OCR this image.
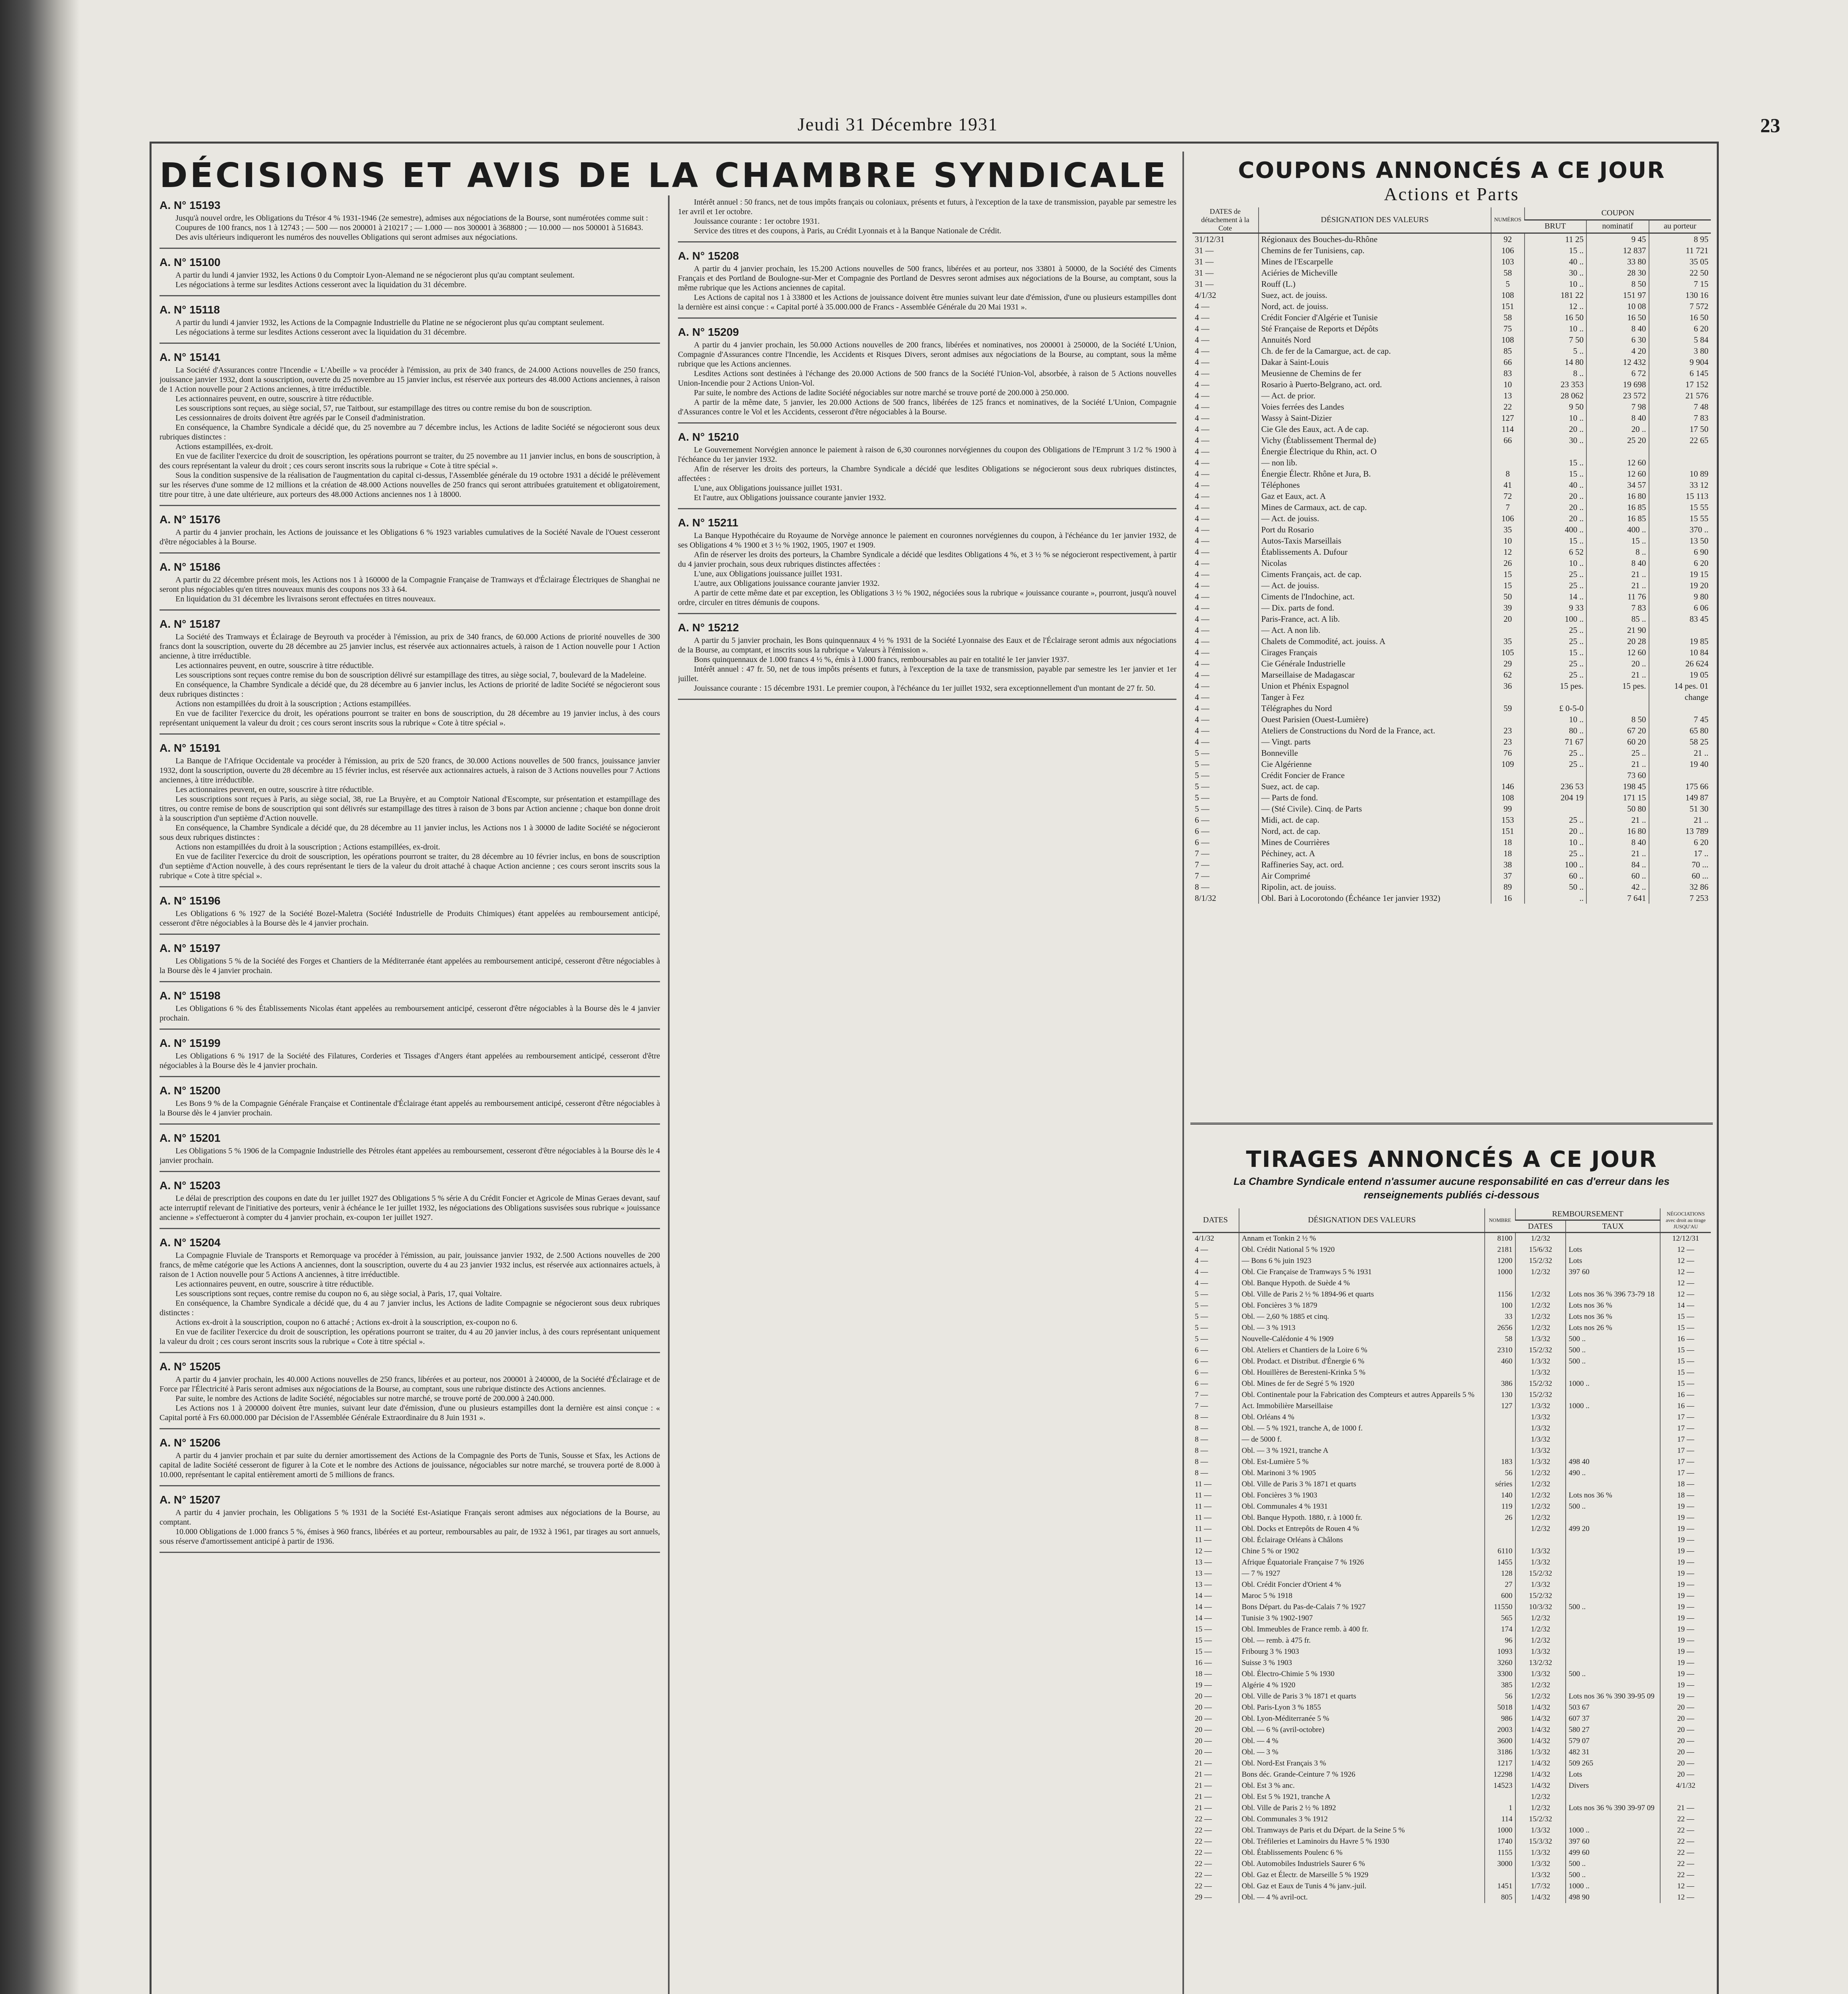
Jeudi 31 Décembre 1931	23
DÉCISIONS ET AVIS DE LA CHAMBRE SYNDICALE
A. N° 15193

Jusqu'à nouvel ordre, les Obligations du Trésor 4 % 1931-1946 (2e semestre), admises aux négociations de la Bourse, sont numérotées comme suit :

Coupures de 100 francs, nos 1 à 12743 ; — 500 — nos 200001 à 210217 ; — 1.000 — nos 300001 à 368800 ; — 10.000 — nos 500001 à 516843.

Des avis ultérieurs indiqueront les numéros des nouvelles Obligations qui seront admises aux négociations.

A. N° 15100

A partir du lundi 4 janvier 1932, les Actions 0 du Comptoir Lyon-Alemand ne se négocieront plus qu'au comptant seulement.

Les négociations à terme sur lesdites Actions cesseront avec la liquidation du 31 décembre.

A. N° 15118

A partir du lundi 4 janvier 1932, les Actions de la Compagnie Industrielle du Platine ne se négocieront plus qu'au comptant seulement.

Les négociations à terme sur lesdites Actions cesseront avec la liquidation du 31 décembre.

A. N° 15141

La Société d'Assurances contre l'Incendie « L'Abeille » va procéder à l'émission, au prix de 340 francs, de 24.000 Actions nouvelles de 250 francs, jouissance janvier 1932, dont la souscription, ouverte du 25 novembre au 15 janvier inclus, est réservée aux porteurs des 48.000 Actions anciennes, à raison de 1 Action nouvelle pour 2 Actions anciennes, à titre irréductible.

Les actionnaires peuvent, en outre, souscrire à titre réductible.

Les souscriptions sont reçues, au siège social, 57, rue Taitbout, sur estampillage des titres ou contre remise du bon de souscription.

Les cessionnaires de droits doivent être agréés par le Conseil d'administration.

En conséquence, la Chambre Syndicale a décidé que, du 25 novembre au 7 décembre inclus, les Actions de ladite Société se négocieront sous deux rubriques distinctes :

Actions estampillées, ex-droit.

En vue de faciliter l'exercice du droit de souscription, les opérations pourront se traiter, du 25 novembre au 11 janvier inclus, en bons de souscription, à des cours représentant la valeur du droit ; ces cours seront inscrits sous la rubrique « Cote à titre spécial ».

Sous la condition suspensive de la réalisation de l'augmentation du capital ci-dessus, l'Assemblée générale du 19 octobre 1931 a décidé le prélèvement sur les réserves d'une somme de 12 millions et la création de 48.000 Actions nouvelles de 250 francs qui seront attribuées gratuitement et obligatoirement, titre pour titre, à une date ultérieure, aux porteurs des 48.000 Actions anciennes nos 1 à 18000.

A. N° 15176

A partir du 4 janvier prochain, les Actions de jouissance et les Obligations 6 % 1923 variables cumulatives de la Société Navale de l'Ouest cesseront d'être négociables à la Bourse.

A. N° 15186

A partir du 22 décembre présent mois, les Actions nos 1 à 160000 de la Compagnie Française de Tramways et d'Éclairage Électriques de Shanghai ne seront plus négociables qu'en titres nouveaux munis des coupons nos 33 à 64.

En liquidation du 31 décembre les livraisons seront effectuées en titres nouveaux.

A. N° 15187

La Société des Tramways et Éclairage de Beyrouth va procéder à l'émission, au prix de 340 francs, de 60.000 Actions de priorité nouvelles de 300 francs dont la souscription, ouverte du 28 décembre au 25 janvier inclus, est réservée aux actionnaires actuels, à raison de 1 Action nouvelle pour 1 Action ancienne, à titre irréductible.

Les actionnaires peuvent, en outre, souscrire à titre réductible.

Les souscriptions sont reçues contre remise du bon de souscription délivré sur estampillage des titres, au siège social, 7, boulevard de la Madeleine.

En conséquence, la Chambre Syndicale a décidé que, du 28 décembre au 6 janvier inclus, les Actions de priorité de ladite Société se négocieront sous deux rubriques distinctes :

Actions non estampillées du droit à la souscription ; Actions estampillées.

En vue de faciliter l'exercice du droit, les opérations pourront se traiter en bons de souscription, du 28 décembre au 19 janvier inclus, à des cours représentant uniquement la valeur du droit ; ces cours seront inscrits sous la rubrique « Cote à titre spécial ».

A. N° 15191

La Banque de l'Afrique Occidentale va procéder à l'émission, au prix de 520 francs, de 30.000 Actions nouvelles de 500 francs, jouissance janvier 1932, dont la souscription, ouverte du 28 décembre au 15 février inclus, est réservée aux actionnaires actuels, à raison de 3 Actions nouvelles pour 7 Actions anciennes, à titre irréductible.

Les actionnaires peuvent, en outre, souscrire à titre réductible.

Les souscriptions sont reçues à Paris, au siège social, 38, rue La Bruyère, et au Comptoir National d'Escompte, sur présentation et estampillage des titres, ou contre remise de bons de souscription qui sont délivrés sur estampillage des titres à raison de 3 bons par Action ancienne ; chaque bon donne droit à la souscription d'un septième d'Action nouvelle.

En conséquence, la Chambre Syndicale a décidé que, du 28 décembre au 11 janvier inclus, les Actions nos 1 à 30000 de ladite Société se négocieront sous deux rubriques distinctes :

Actions non estampillées du droit à la souscription ; Actions estampillées, ex-droit.

En vue de faciliter l'exercice du droit de souscription, les opérations pourront se traiter, du 28 décembre au 10 février inclus, en bons de souscription d'un septième d'Action nouvelle, à des cours représentant le tiers de la valeur du droit attaché à chaque Action ancienne ; ces cours seront inscrits sous la rubrique « Cote à titre spécial ».

A. N° 15196

Les Obligations 6 % 1927 de la Société Bozel-Maletra (Société Industrielle de Produits Chimiques) étant appelées au remboursement anticipé, cesseront d'être négociables à la Bourse dès le 4 janvier prochain.

A. N° 15197

Les Obligations 5 % de la Société des Forges et Chantiers de la Méditerranée étant appelées au remboursement anticipé, cesseront d'être négociables à la Bourse dès le 4 janvier prochain.

A. N° 15198

Les Obligations 6 % des Établissements Nicolas étant appelées au remboursement anticipé, cesseront d'être négociables à la Bourse dès le 4 janvier prochain.

A. N° 15199

Les Obligations 6 % 1917 de la Société des Filatures, Corderies et Tissages d'Angers étant appelées au remboursement anticipé, cesseront d'être négociables à la Bourse dès le 4 janvier prochain.

A. N° 15200

Les Bons 9 % de la Compagnie Générale Française et Continentale d'Éclairage étant appelés au remboursement anticipé, cesseront d'être négociables à la Bourse dès le 4 janvier prochain.

A. N° 15201

Les Obligations 5 % 1906 de la Compagnie Industrielle des Pétroles étant appelées au remboursement, cesseront d'être négociables à la Bourse dès le 4 janvier prochain.

A. N° 15203

Le délai de prescription des coupons en date du 1er juillet 1927 des Obligations 5 % série A du Crédit Foncier et Agricole de Minas Geraes devant, sauf acte interruptif relevant de l'initiative des porteurs, venir à échéance le 1er juillet 1932, les négociations des Obligations susvisées sous rubrique « jouissance ancienne » s'effectueront à compter du 4 janvier prochain, ex-coupon 1er juillet 1927.

A. N° 15204

La Compagnie Fluviale de Transports et Remorquage va procéder à l'émission, au pair, jouissance janvier 1932, de 2.500 Actions nouvelles de 200 francs, de même catégorie que les Actions A anciennes, dont la souscription, ouverte du 4 au 23 janvier 1932 inclus, est réservée aux actionnaires actuels, à raison de 1 Action nouvelle pour 5 Actions A anciennes, à titre irréductible.

Les actionnaires peuvent, en outre, souscrire à titre réductible.

Les souscriptions sont reçues, contre remise du coupon no 6, au siège social, à Paris, 17, quai Voltaire.

En conséquence, la Chambre Syndicale a décidé que, du 4 au 7 janvier inclus, les Actions de ladite Compagnie se négocieront sous deux rubriques distinctes :

Actions ex-droit à la souscription, coupon no 6 attaché ; Actions ex-droit à la souscription, ex-coupon no 6.

En vue de faciliter l'exercice du droit de souscription, les opérations pourront se traiter, du 4 au 20 janvier inclus, à des cours représentant uniquement la valeur du droit ; ces cours seront inscrits sous la rubrique « Cote à titre spécial ».

A. N° 15205

A partir du 4 janvier prochain, les 40.000 Actions nouvelles de 250 francs, libérées et au porteur, nos 200001 à 240000, de la Société d'Éclairage et de Force par l'Électricité à Paris seront admises aux négociations de la Bourse, au comptant, sous une rubrique distincte des Actions anciennes.

Par suite, le nombre des Actions de ladite Société, négociables sur notre marché, se trouve porté de 200.000 à 240.000.

Les Actions nos 1 à 200000 doivent être munies, suivant leur date d'émission, d'une ou plusieurs estampilles dont la dernière est ainsi conçue : « Capital porté à Frs 60.000.000 par Décision de l'Assemblée Générale Extraordinaire du 8 Juin 1931 ».

A. N° 15206

A partir du 4 janvier prochain et par suite du dernier amortissement des Actions de la Compagnie des Ports de Tunis, Sousse et Sfax, les Actions de capital de ladite Société cesseront de figurer à la Cote et le nombre des Actions de jouissance, négociables sur notre marché, se trouvera porté de 8.000 à 10.000, représentant le capital entièrement amorti de 5 millions de francs.

A. N° 15207

A partir du 4 janvier prochain, les Obligations 5 % 1931 de la Société Est-Asiatique Français seront admises aux négociations de la Bourse, au comptant.

10.000 Obligations de 1.000 francs 5 %, émises à 960 francs, libérées et au porteur, remboursables au pair, de 1932 à 1961, par tirages au sort annuels, sous réserve d'amortissement anticipé à partir de 1936.

Intérêt annuel : 50 francs, net de tous impôts français ou coloniaux, présents et futurs, à l'exception de la taxe de transmission, payable par semestre les 1er avril et 1er octobre.

Jouissance courante : 1er octobre 1931.

Service des titres et des coupons, à Paris, au Crédit Lyonnais et à la Banque Nationale de Crédit.

A. N° 15208

A partir du 4 janvier prochain, les 15.200 Actions nouvelles de 500 francs, libérées et au porteur, nos 33801 à 50000, de la Société des Ciments Français et des Portland de Boulogne-sur-Mer et Compagnie des Portland de Desvres seront admises aux négociations de la Bourse, au comptant, sous la même rubrique que les Actions anciennes de capital.

Les Actions de capital nos 1 à 33800 et les Actions de jouissance doivent être munies suivant leur date d'émission, d'une ou plusieurs estampilles dont la dernière est ainsi conçue : « Capital porté à 35.000.000 de Francs - Assemblée Générale du 20 Mai 1931 ».

A. N° 15209

A partir du 4 janvier prochain, les 50.000 Actions nouvelles de 200 francs, libérées et nominatives, nos 200001 à 250000, de la Société L'Union, Compagnie d'Assurances contre l'Incendie, les Accidents et Risques Divers, seront admises aux négociations de la Bourse, au comptant, sous la même rubrique que les Actions anciennes.

Lesdites Actions sont destinées à l'échange des 20.000 Actions de 500 francs de la Société l'Union-Vol, absorbée, à raison de 5 Actions nouvelles Union-Incendie pour 2 Actions Union-Vol.

Par suite, le nombre des Actions de ladite Société négociables sur notre marché se trouve porté de 200.000 à 250.000.

A partir de la même date, 5 janvier, les 20.000 Actions de 500 francs, libérées de 125 francs et nominatives, de la Société L'Union, Compagnie d'Assurances contre le Vol et les Accidents, cesseront d'être négociables à la Bourse.

A. N° 15210

Le Gouvernement Norvégien annonce le paiement à raison de 6,30 couronnes norvégiennes du coupon des Obligations de l'Emprunt 3 1/2 % 1900 à l'échéance du 1er janvier 1932.

Afin de réserver les droits des porteurs, la Chambre Syndicale a décidé que lesdites Obligations se négocieront sous deux rubriques distinctes, affectées :

L'une, aux Obligations jouissance juillet 1931.

Et l'autre, aux Obligations jouissance courante janvier 1932.

A. N° 15211

La Banque Hypothécaire du Royaume de Norvège annonce le paiement en couronnes norvégiennes du coupon, à l'échéance du 1er janvier 1932, de ses Obligations 4 % 1900 et 3 ½ % 1902, 1905, 1907 et 1909.

Afin de réserver les droits des porteurs, la Chambre Syndicale a décidé que lesdites Obligations 4 %, et 3 ½ % se négocieront respectivement, à partir du 4 janvier prochain, sous deux rubriques distinctes affectées :

L'une, aux Obligations jouissance juillet 1931.

L'autre, aux Obligations jouissance courante janvier 1932.

A partir de cette même date et par exception, les Obligations 3 ½ % 1902, négociées sous la rubrique « jouissance courante », pourront, jusqu'à nouvel ordre, circuler en titres démunis de coupons.

A. N° 15212

A partir du 5 janvier prochain, les Bons quinquennaux 4 ½ % 1931 de la Société Lyonnaise des Eaux et de l'Éclairage seront admis aux négociations de la Bourse, au comptant, et inscrits sous la rubrique « Valeurs à l'émission ».

Bons quinquennaux de 1.000 francs 4 ½ %, émis à 1.000 francs, remboursables au pair en totalité le 1er janvier 1937.

Intérêt annuel : 47 fr. 50, net de tous impôts présents et futurs, à l'exception de la taxe de transmission, payable par semestre les 1er janvier et 1er juillet.

Jouissance courante : 15 décembre 1931. Le premier coupon, à l'échéance du 1er juillet 1932, sera exceptionnellement d'un montant de 27 fr. 50.

COUPONS ANNONCÉS A CE JOUR
Actions et Parts
DATES de détachement à la Cote	DÉSIGNATION DES VALEURS	NUMÉROS	COUPON		
			BRUT	nominatif	au porteur
31/12/31	Régionaux des Bouches-du-Rhône	92	11 25	9 45	8 95
31 —	Chemins de fer Tunisiens, cap.	106	15 ..	12 837	11 721
31 —	Mines de l'Escarpelle	103	40 ..	33 80	35 05
31 —	Aciéries de Micheville	58	30 ..	28 30	22 50
31 —	Rouff (L.)	5	10 ..	8 50	7 15
4/1/32	Suez, act. de jouiss.	108	181 22	151 97	130 16
4 —	Nord, act. de jouiss.	151	12 ..	10 08	7 572
4 —	Crédit Foncier d'Algérie et Tunisie	58	16 50	16 50	16 50
4 —	Sté Française de Reports et Dépôts	75	10 ..	8 40	6 20
4 —	Annuités Nord	108	7 50	6 30	5 84
4 —	Ch. de fer de la Camargue, act. de cap.	85	5 ..	4 20	3 80
4 —	Dakar à Saint-Louis	66	14 80	12 432	9 904
4 —	Meusienne de Chemins de fer	83	8 ..	6 72	6 145
4 —	Rosario à Puerto-Belgrano, act. ord.	10	23 353	19 698	17 152
4 —	— Act. de prior.	13	28 062	23 572	21 576
4 —	Voies ferrées des Landes	22	9 50	7 98	7 48
4 —	Wassy à Saint-Dizier	127	10 ..	8 40	7 83
4 —	Cie Gle des Eaux, act. A de cap.	114	20 ..	20 ..	17 50
4 —	Vichy (Établissement Thermal de)	66	30 ..	25 20	22 65
4 —	Énergie Électrique du Rhin, act. O				
4 —	— non lib.		15 ..	12 60	
4 —	Énergie Électr. Rhône et Jura, B.	8	15 ..	12 60	10 89
4 —	Téléphones	41	40 ..	34 57	33 12
4 —	Gaz et Eaux, act. A	72	20 ..	16 80	15 113
4 —	Mines de Carmaux, act. de cap.	7	20 ..	16 85	15 55
4 —	— Act. de jouiss.	106	20 ..	16 85	15 55
4 —	Port du Rosario	35	400 ..	400 ..	370 ..
4 —	Autos-Taxis Marseillais	10	15 ..	15 ..	13 50
4 —	Établissements A. Dufour	12	6 52	8 ..	6 90
4 —	Nicolas	26	10 ..	8 40	6 20
4 —	Ciments Français, act. de cap.	15	25 ..	21 ..	19 15
4 —	— Act. de jouiss.	15	25 ..	21 ..	19 20
4 —	Ciments de l'Indochine, act.	50	14 ..	11 76	9 80
4 —	— Dix. parts de fond.	39	9 33	7 83	6 06
4 —	Paris-France, act. A lib.	20	100 ..	85 ..	83 45
4 —	— Act. A non lib.		25 ..	21 90	
4 —	Chalets de Commodité, act. jouiss. A	35	25 ..	20 28	19 85
4 —	Cirages Français	105	15 ..	12 60	10 84
4 —	Cie Générale Industrielle	29	25 ..	20 ..	26 624
4 —	Marseillaise de Madagascar	62	25 ..	21 ..	19 05
4 —	Union et Phénix Espagnol	36	15 pes.	15 pes.	14 pes. 01
4 —	Tanger à Fez				change
4 —	Télégraphes du Nord	59	£ 0-5-0		
4 —	Ouest Parisien (Ouest-Lumière)		10 ..	8 50	7 45
4 —	Ateliers de Constructions du Nord de la France, act.	23	80 ..	67 20	65 80
4 —	— Vingt. parts	23	71 67	60 20	58 25
5 —	Bonneville	76	25 ..	25 ..	21 ..
5 —	Cie Algérienne	109	25 ..	21 ..	19 40
5 —	Crédit Foncier de France			73 60	
5 —	Suez, act. de cap.	146	236 53	198 45	175 66
5 —	— Parts de fond.	108	204 19	171 15	149 87
5 —	— (Sté Civile). Cinq. de Parts	99		50 80	51 30
6 —	Midi, act. de cap.	153	25 ..	21 ..	21 ..
6 —	Nord, act. de cap.	151	20 ..	16 80	13 789
6 —	Mines de Courrières	18	10 ..	8 40	6 20
7 —	Péchiney, act. A	18	25 ..	21 ..	17 ..
7 —	Raffineries Say, act. ord.	38	100 ..	84 ..	70 ...
7 —	Air Comprimé	37	60 ..	60 ..	60 ...
8 —	Ripolin, act. de jouiss.	89	50 ..	42 ..	32 86
8/1/32	Obl. Bari à Locorotondo (Échéance 1er janvier 1932)	16	..	7 641	7 253
TIRAGES ANNONCÉS A CE JOUR
La Chambre Syndicale entend n'assumer aucune responsabilité en cas d'erreur dans les renseignements publiés ci-dessous
DATES	DÉSIGNATION DES VALEURS	NOMBRE	REMBOURSEMENT		NÉGOCIATIONS avec droit au tirage JUSQU'AU
			DATES	TAUX	
4/1/32	Annam et Tonkin 2 ½ %	8100	1/2/32		12/12/31
4 —	Obl. Crédit National 5 % 1920	2181	15/6/32	Lots	12 —
4 —	— Bons 6 % juin 1923	1200	15/2/32	Lots	12 —
4 —	Obl. Cie Française de Tramways 5 % 1931	1000	1/2/32	397 60	12 —
4 —	Obl. Banque Hypoth. de Suède 4 %				12 —
5 —	Obl. Ville de Paris 2 ½ % 1894-96 et quarts	1156	1/2/32	Lots nos 36 % 396 73-79 18	12 —
5 —	Obl. Foncières 3 % 1879	100	1/2/32	Lots nos 36 %	14 —
5 —	Obl. — 2,60 % 1885 et cinq.	33	1/2/32	Lots nos 36 %	15 —
5 —	Obl. — 3 % 1913	2656	1/2/32	Lots nos 26 %	15 —
5 —	Nouvelle-Calédonie 4 % 1909	58	1/3/32	500 ..	16 —
6 —	Obl. Ateliers et Chantiers de la Loire 6 %	2310	15/2/32	500 ..	15 —
6 —	Obl. Prodact. et Distribut. d'Énergie 6 %	460	1/3/32	500 ..	15 —
6 —	Obl. Houillères de Beresteni-Krinka 5 %		1/3/32		15 —
6 —	Obl. Mines de fer de Segré 5 % 1920	386	15/2/32	1000 ..	15 —
7 —	Obl. Continentale pour la Fabrication des Compteurs et autres Appareils 5 %	130	15/2/32		16 —
7 —	Act. Immobilière Marseillaise	127	1/3/32	1000 ..	16 —
8 —	Obl. Orléans 4 %		1/3/32		17 —
8 —	Obl. — 5 % 1921, tranche A, de 1000 f.		1/3/32		17 —
8 —	— de 5000 f.		1/3/32		17 —
8 —	Obl. — 3 % 1921, tranche A		1/3/32		17 —
8 —	Obl. Est-Lumière 5 %	183	1/3/32	498 40	17 —
8 —	Obl. Marinoni 3 % 1905	56	1/2/32	490 ..	17 —
11 —	Obl. Ville de Paris 3 % 1871 et quarts	séries	1/2/32		18 —
11 —	Obl. Foncières 3 % 1903	140	1/2/32	Lots nos 36 %	18 —
11 —	Obl. Communales 4 % 1931	119	1/2/32	500 ..	19 —
11 —	Obl. Banque Hypoth. 1880, r. à 1000 fr.	26	1/2/32		19 —
11 —	Obl. Docks et Entrepôts de Rouen 4 %		1/2/32	499 20	19 —
11 —	Obl. Éclairage Orléans à Châlons				19 —
12 —	Chine 5 % or 1902	6110	1/3/32		19 —
13 —	Afrique Équatoriale Française 7 % 1926	1455	1/3/32		19 —
13 —	— 7 % 1927	128	15/2/32		19 —
13 —	Obl. Crédit Foncier d'Orient 4 %	27	1/3/32		19 —
14 —	Maroc 5 % 1918	600	15/2/32		19 —
14 —	Bons Départ. du Pas-de-Calais 7 % 1927	11550	10/3/32	500 ..	19 —
14 —	Tunisie 3 % 1902-1907	565	1/2/32		19 —
15 —	Obl. Immeubles de France remb. à 400 fr.	174	1/2/32		19 —
15 —	Obl. — remb. à 475 fr.	96	1/2/32		19 —
15 —	Fribourg 3 % 1903	1093	1/3/32		19 —
16 —	Suisse 3 % 1903	3260	13/2/32		19 —
18 —	Obl. Électro-Chimie 5 % 1930	3300	1/3/32	500 ..	19 —
19 —	Algérie 4 % 1920	385	1/2/32		19 —
20 —	Obl. Ville de Paris 3 % 1871 et quarts	56	1/2/32	Lots nos 36 % 390 39-95 09	19 —
20 —	Obl. Paris-Lyon 3 % 1855	5018	1/4/32	503 67	20 —
20 —	Obl. Lyon-Méditerranée 5 %	986	1/4/32	607 37	20 —
20 —	Obl. — 6 % (avril-octobre)	2003	1/4/32	580 27	20 —
20 —	Obl. — 4 %	3600	1/4/32	579 07	20 —
20 —	Obl. — 3 %	3186	1/3/32	482 31	20 —
21 —	Obl. Nord-Est Français 3 %	1217	1/4/32	509 265	20 —
21 —	Bons déc. Grande-Ceinture 7 % 1926	12298	1/4/32	Lots	20 —
21 —	Obl. Est 3 % anc.	14523	1/4/32	Divers	4/1/32
21 —	Obl. Est 5 % 1921, tranche A		1/2/32		
21 —	Obl. Ville de Paris 2 ½ % 1892	1	1/2/32	Lots nos 36 % 390 39-97 09	21 —
22 —	Obl. Communales 3 % 1912	114	15/2/32		22 —
22 —	Obl. Tramways de Paris et du Départ. de la Seine 5 %	1000	1/3/32	1000 ..	22 —
22 —	Obl. Tréfileries et Laminoirs du Havre 5 % 1930	1740	15/3/32	397 60	22 —
22 —	Obl. Établissements Poulenc 6 %	1155	1/3/32	499 60	22 —
22 —	Obl. Automobiles Industriels Saurer 6 %	3000	1/3/32	500 ..	22 —
22 —	Obl. Gaz et Électr. de Marseille 5 % 1929		1/3/32	500 ..	22 —
22 —	Obl. Gaz et Eaux de Tunis 4 % janv.-juil.	1451	1/7/32	1000 ..	12 —
29 —	Obl. — 4 % avril-oct.	805	1/4/32	498 90	12 —
